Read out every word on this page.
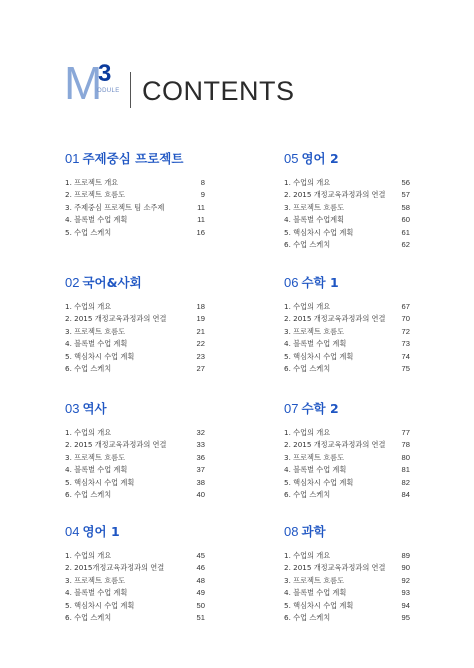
M
3
ODULE CONTENTS
01 주제중심 프로젝트
1. 프로젝트 개요	8
2. 프로젝트 흐름도	9
3. 주제중심 프로젝트 팀 소주제	11
4. 블록별 수업 계획	11
5. 수업 스케치	16
02 국어&사회
1. 수업의 개요	18
2. 2015 개정교육과정과의 연결	19
3. 프로젝트 흐름도	21
4. 블록별 수업 계획	22
5. 핵심차시 수업 계획	23
6. 수업 스케치	27
03 역사
1. 수업의 개요	32
2. 2015 개정교육과정과의 연결	33
3. 프로젝트 흐름도	36
4. 블록별 수업 계획	37
5. 핵심차시 수업 계획	38
6. 수업 스케치	40
04 영어 1
1. 수업의 개요	45
2. 2015개정교육과정과의 연결	46
3. 프로젝트 흐름도	48
4. 블록별 수업 계획	49
5. 핵심차시 수업 계획	50
6. 수업 스케치	51
05 영어 2
1. 수업의 개요	56
2. 2015 개정교육과정과의 연결 57
3. 프로젝트 흐름도	58
4. 블록별 수업계획	60
5. 핵심차시 수업 계획	61
6. 수업 스케치	62
06 수학 1
1. 수업의 개요	67
2. 2015 개정교육과정과의 연결 70
3. 프로젝트 흐름도	72
4. 블록별 수업 계획	73
5. 핵심차시 수업 계획	74
6. 수업 스케치	75
07 수학 2
1. 수업의 개요	77
2. 2015 개정교육과정과의 연결 78
3. 프로젝트 흐름도	80
4. 블록별 수업 계획	81
5. 핵심차시 수업 계획	82
6. 수업 스케치	84
08 과학
1. 수업의 개요	89
2. 2015 개정교육과정과의 연결 90
3. 프로젝트 흐름도	92
4. 블록별 수업 계획	93
5. 핵심차시 수업 계획	94
6. 수업 스케치	95
